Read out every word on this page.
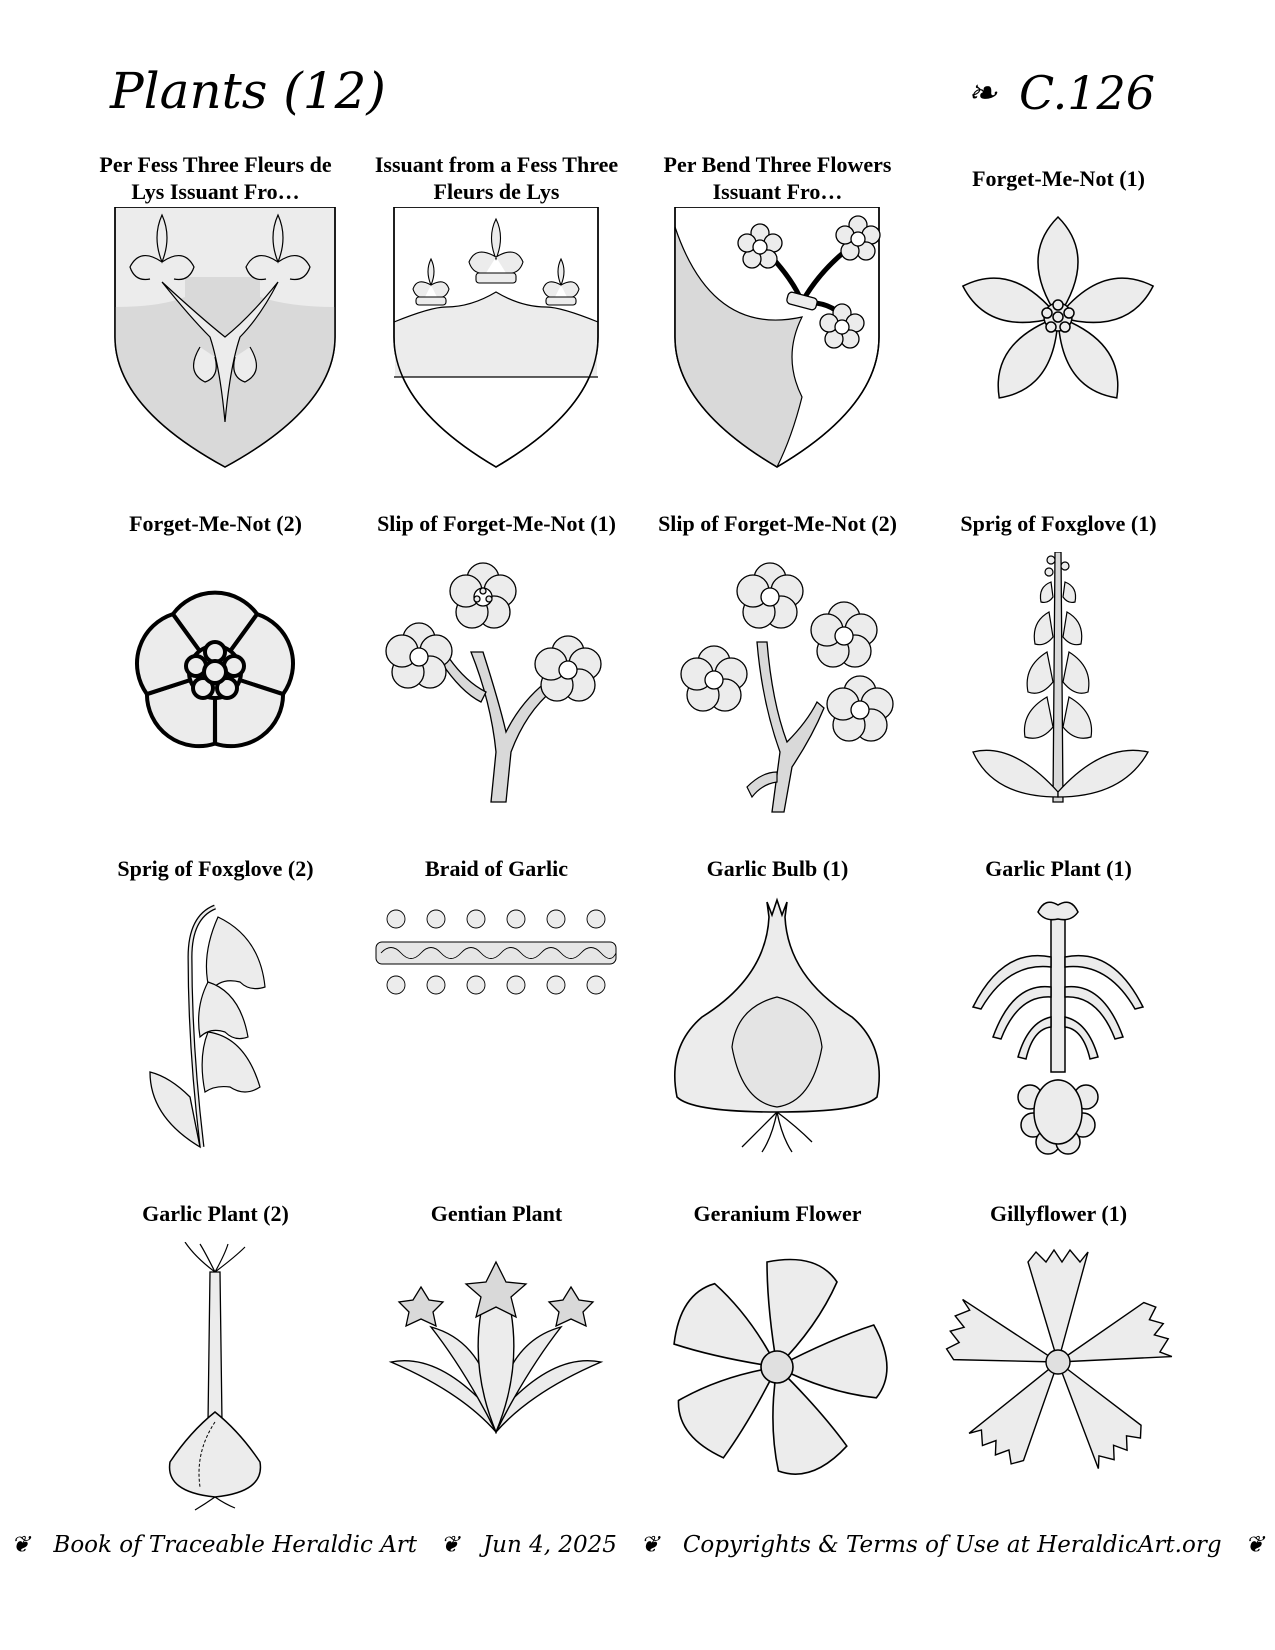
Plants (12)	❧ C.126
Per Fess Three Fleurs de Lys Issuant Fro…
Issuant from a Fess Three Fleurs de Lys
Per Bend Three Flowers Issuant Fro…
Forget-Me-Not (1)
Forget-Me-Not (2)	Slip of Forget-Me-Not (1)	Slip of Forget-Me-Not (2)	Sprig of Foxglove (1)
Sprig of Foxglove (2)	Braid of Garlic	Garlic Bulb (1)	Garlic Plant (1)
Garlic Plant (2)	Gentian Plant	Geranium Flower	Gillyflower (1)
❦ Book of Traceable Heraldic Art ❦ Jun 4, 2025 ❦ Copyrights & Terms of Use at HeraldicArt.org ❦
